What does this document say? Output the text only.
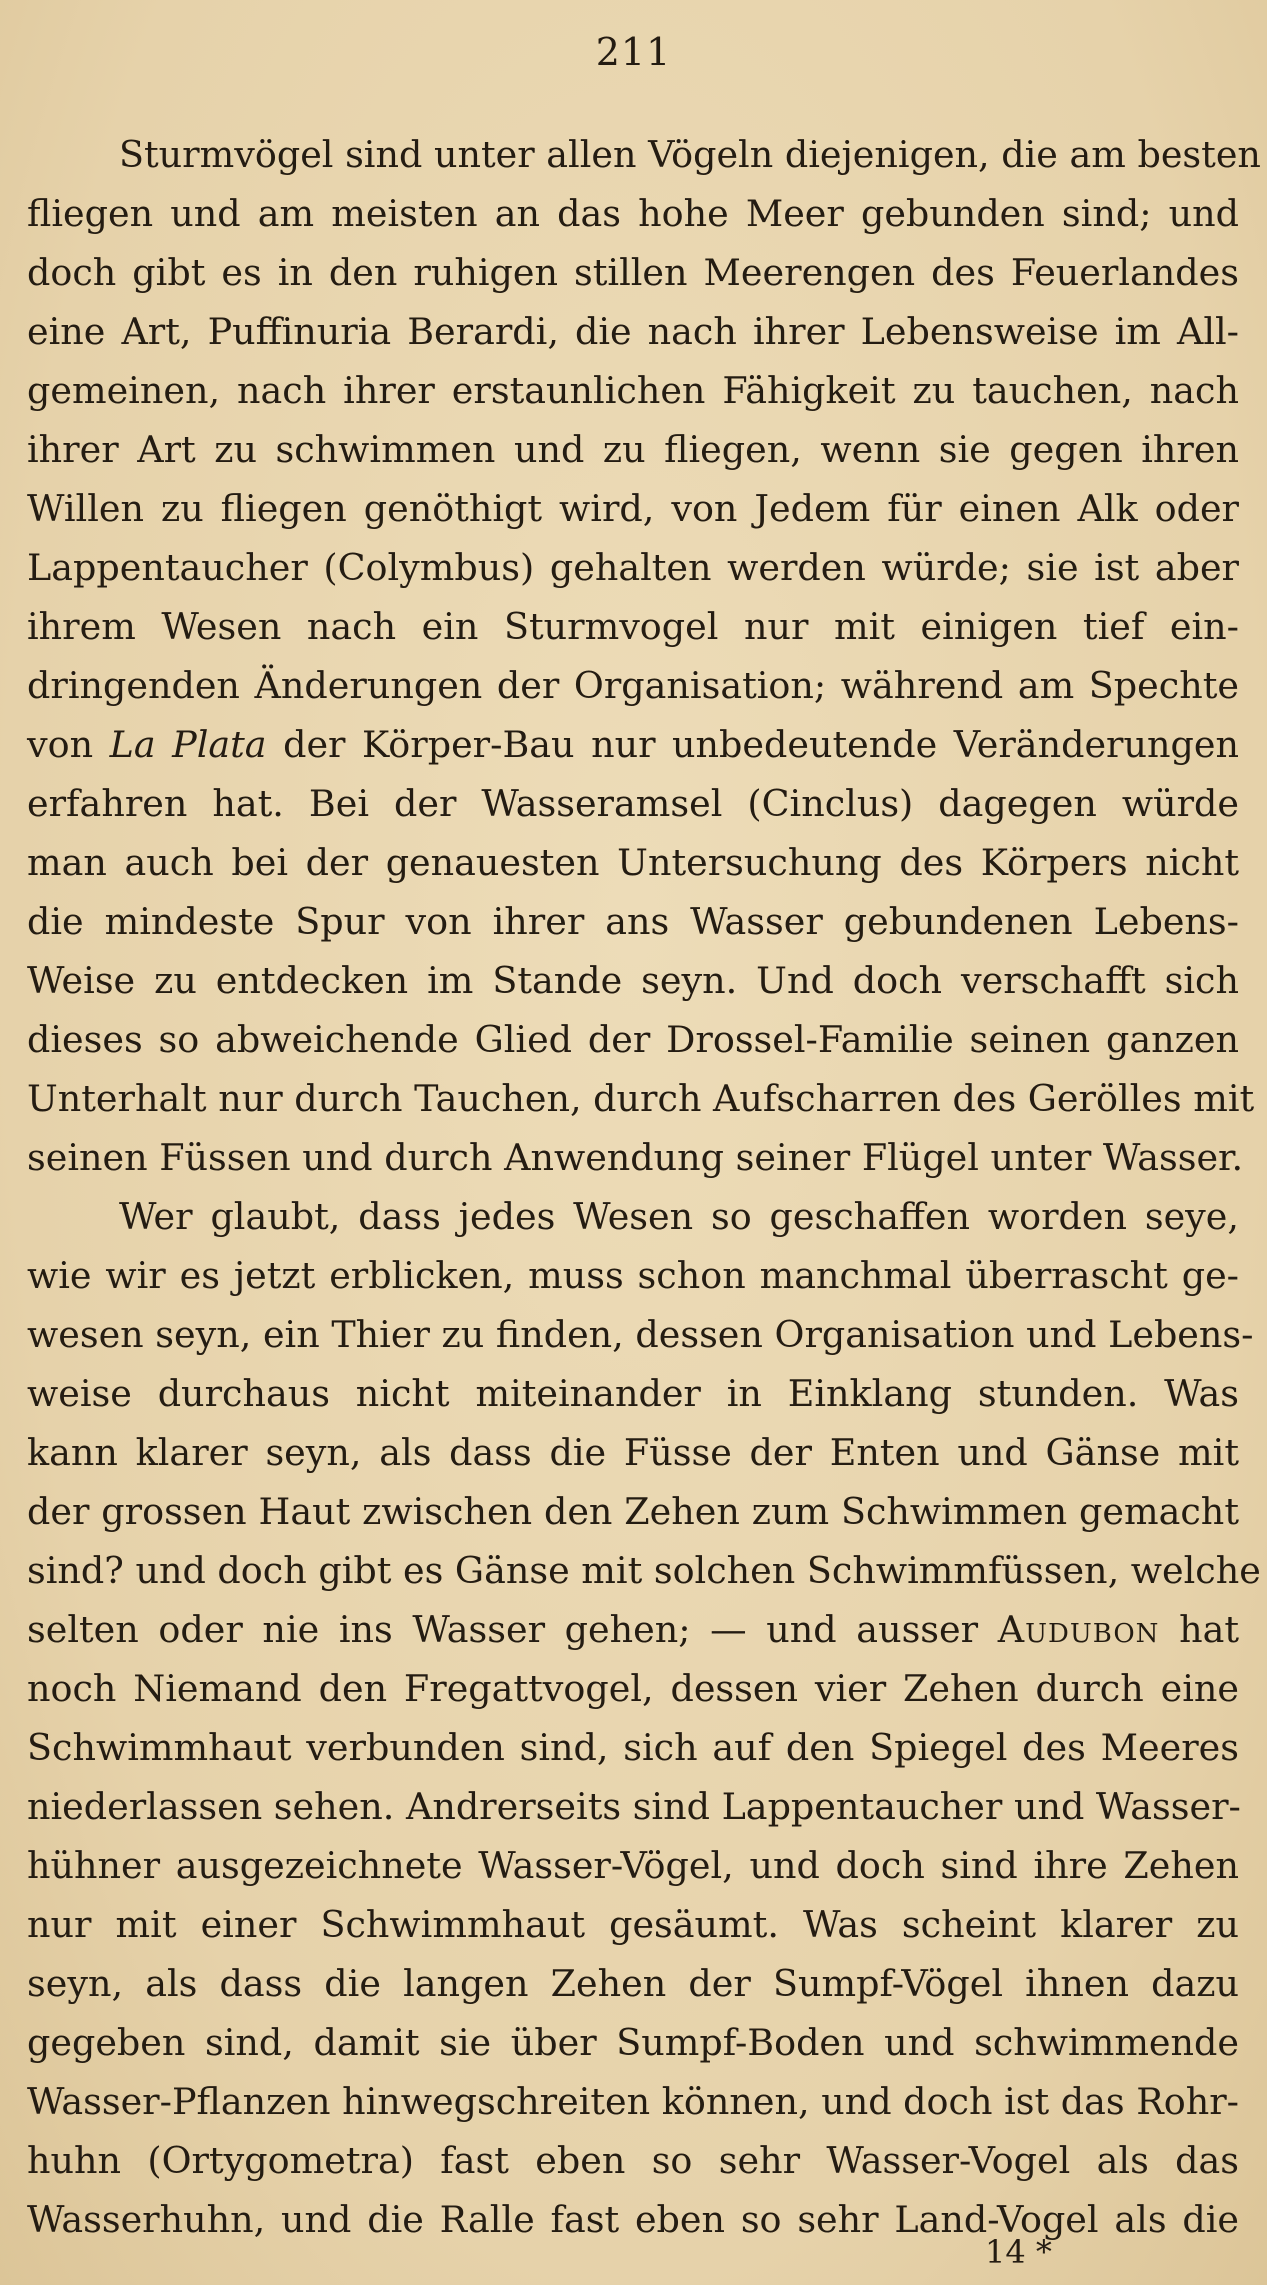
211
Sturmvögel sind unter allen Vögeln diejenigen, die am besten
fliegen und am meisten an das hohe Meer gebunden sind; und
doch gibt es in den ruhigen stillen Meerengen des Feuerlandes
eine Art, Puffinuria Berardi, die nach ihrer Lebensweise im All-
gemeinen, nach ihrer erstaunlichen Fähigkeit zu tauchen, nach
ihrer Art zu schwimmen und zu fliegen, wenn sie gegen ihren
Willen zu fliegen genöthigt wird, von Jedem für einen Alk oder
Lappentaucher (Colymbus) gehalten werden würde; sie ist aber
ihrem Wesen nach ein Sturmvogel nur mit einigen tief ein-
dringenden Änderungen der Organisation; während am Spechte
von La Plata der Körper-Bau nur unbedeutende Veränderungen
erfahren hat. Bei der Wasseramsel (Cinclus) dagegen würde
man auch bei der genauesten Untersuchung des Körpers nicht
die mindeste Spur von ihrer ans Wasser gebundenen Lebens-
Weise zu entdecken im Stande seyn. Und doch verschafft sich
dieses so abweichende Glied der Drossel-Familie seinen ganzen
Unterhalt nur durch Tauchen, durch Aufscharren des Gerölles mit
seinen Füssen und durch Anwendung seiner Flügel unter Wasser.
Wer glaubt, dass jedes Wesen so geschaffen worden seye,
wie wir es jetzt erblicken, muss schon manchmal überrascht ge-
wesen seyn, ein Thier zu finden, dessen Organisation und Lebens-
weise durchaus nicht miteinander in Einklang stunden. Was
kann klarer seyn, als dass die Füsse der Enten und Gänse mit
der grossen Haut zwischen den Zehen zum Schwimmen gemacht
sind? und doch gibt es Gänse mit solchen Schwimmfüssen, welche
selten oder nie ins Wasser gehen; — und ausser Audubon hat
noch Niemand den Fregattvogel, dessen vier Zehen durch eine
Schwimmhaut verbunden sind, sich auf den Spiegel des Meeres
niederlassen sehen. Andrerseits sind Lappentaucher und Wasser-
hühner ausgezeichnete Wasser-Vögel, und doch sind ihre Zehen
nur mit einer Schwimmhaut gesäumt. Was scheint klarer zu
seyn, als dass die langen Zehen der Sumpf-Vögel ihnen dazu
gegeben sind, damit sie über Sumpf-Boden und schwimmende
Wasser-Pflanzen hinwegschreiten können, und doch ist das Rohr-
huhn (Ortygometra) fast eben so sehr Wasser-Vogel als das
Wasserhuhn, und die Ralle fast eben so sehr Land-Vogel als die
14 *
